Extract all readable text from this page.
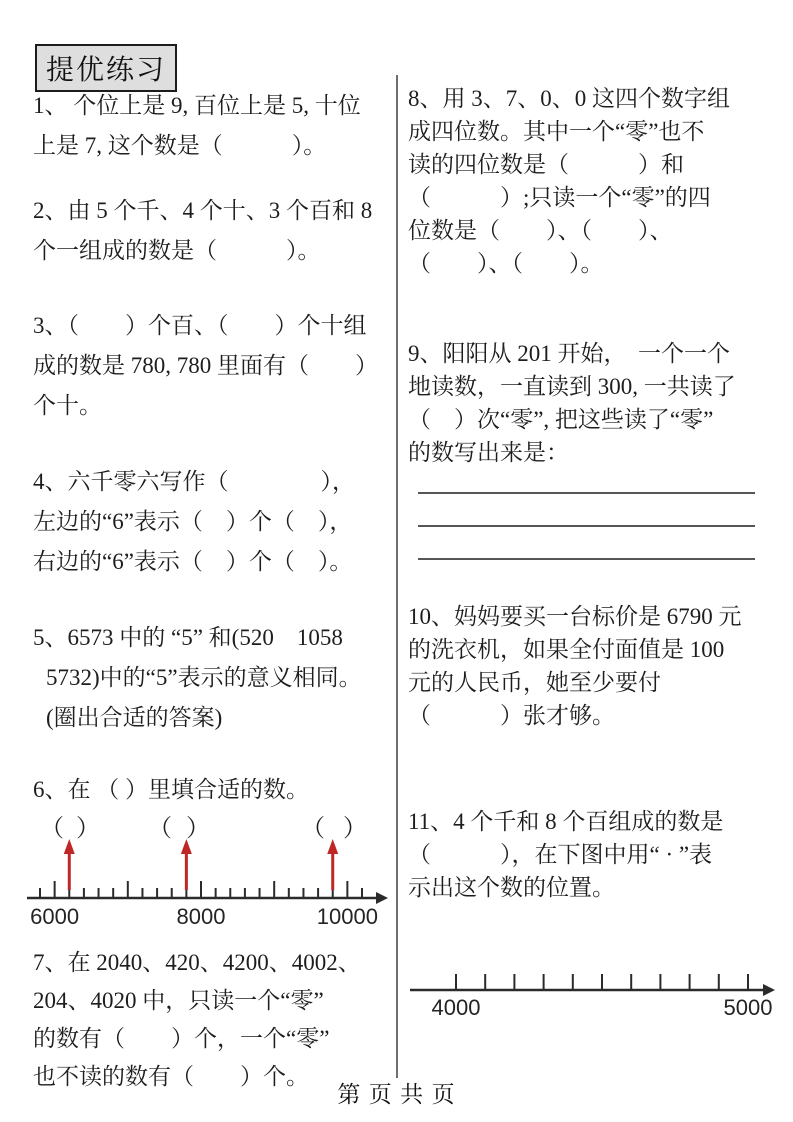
提优练习
1、 个位上是 9, 百位上是 5, 十位
上是 7, 这个数是（　　　）。
2、由 5 个千、4 个十、3 个百和 8
个一组成的数是（　　　）。
3、（　　）个百、（　　）个十组
成的数是 780, 780 里面有（　　）
个十。
4、六千零六写作（　　　　），
左边的“6”表示（　）个（　），
右边的“6”表示（　）个（　）。
5、6573 中的 “5” 和(520　1058
5732)中的“5”表示的意义相同。
(圈出合适的答案)
6、在 （ ）里填合适的数。
（ ） （ ）	（ ）
6000	8000	10000
7、在 2040、420、4200、4002、
204、4020 中，只读一个“零”
的数有（　　）个，一个“零”
也不读的数有（　　）个。
8、用 3、7、0、0 这四个数字组
成四位数。其中一个“零”也不
读的四位数是（　　　）和
（　　　）;只读一个“零”的四
位数是（　　）、（　　）、
（　　）、（　　）。
9、阳阳从 201 开始，　一个一个
地读数，一直读到 300, 一共读了
（　）次“零”, 把这些读了“零”
的数写出来是：
10、妈妈要买一台标价是 6790 元
的洗衣机，如果全付面值是 100
元的人民币，她至少要付
（　　　）张才够。
11、4 个千和 8 个百组成的数是
（　　　），在下图中用“ · ”表
示出这个数的位置。
4000	5000
第 页 共 页
